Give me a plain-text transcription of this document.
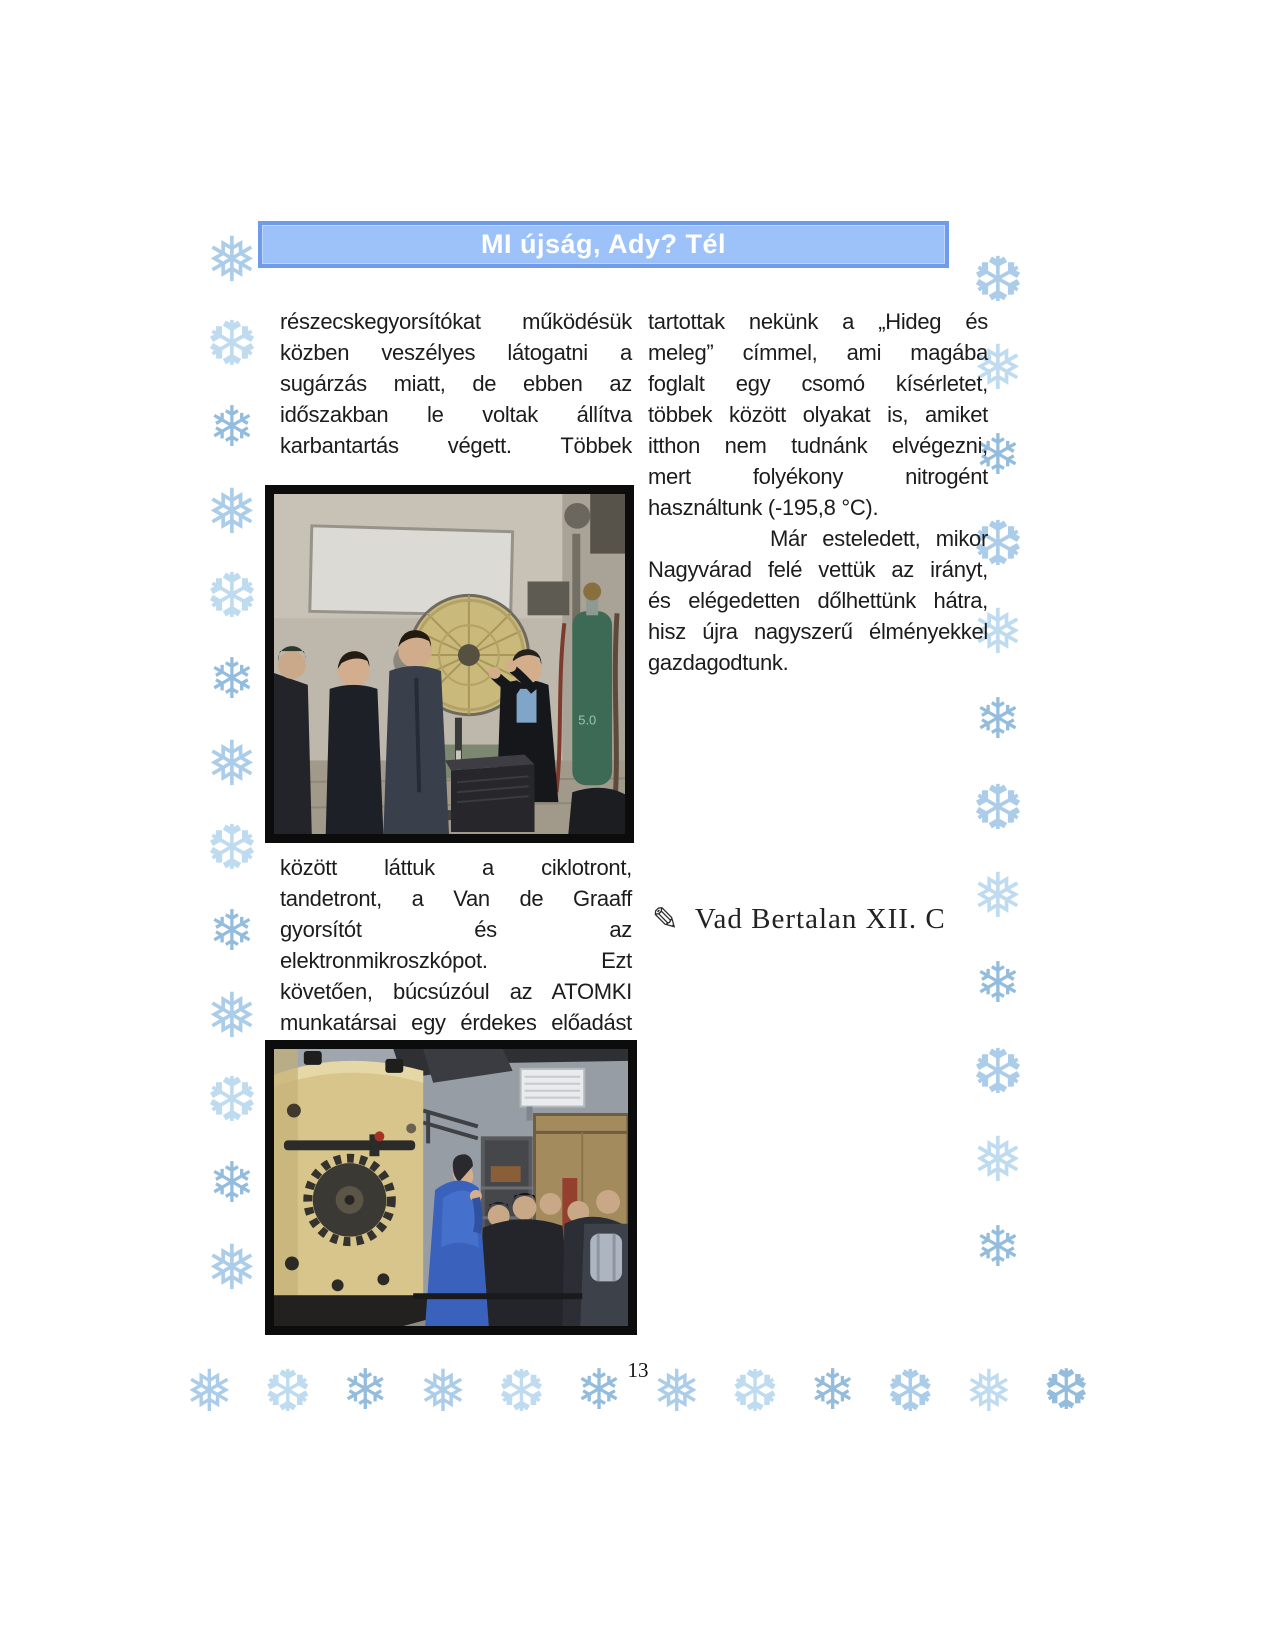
❅
❆
❄
❅
❆
❄
❅
❆
❄
❅
❆
❄
❅
❆
❅
❄
❆
❅
❄
❆
❅
❄
❆
❅
❄
❅ ❆ ❄ ❅ ❆ ❄ ❅ ❆ ❄ ❆ ❅ ❆
MI újság, Ady? Tél
részecskegyorsítókat működésük
közben veszélyes látogatni a
sugárzás miatt, de ebben az
időszakban le voltak állítva
karbantartás végett. Többek
tartottak nekünk a „Hideg és
meleg” címmel, ami magába
foglalt egy csomó kísérletet,
többek között olyakat is, amiket
itthon nem tudnánk elvégezni,
mert folyékony nitrogént
használtunk (-195,8 °C).
Már esteledett, mikor
Nagyvárad felé vettük az irányt,
és elégedetten dőlhettünk hátra,
hisz újra nagyszerű élményekkel
gazdagodtunk.
5.0
között láttuk a ciklotront,
tandetront, a Van de Graaff
gyorsítót és az
elektronmikroszkópot. Ezt
követően, búcsúzóul az ATOMKI
munkatársai egy érdekes előadást
✎ Vad Bertalan XII. C
13
